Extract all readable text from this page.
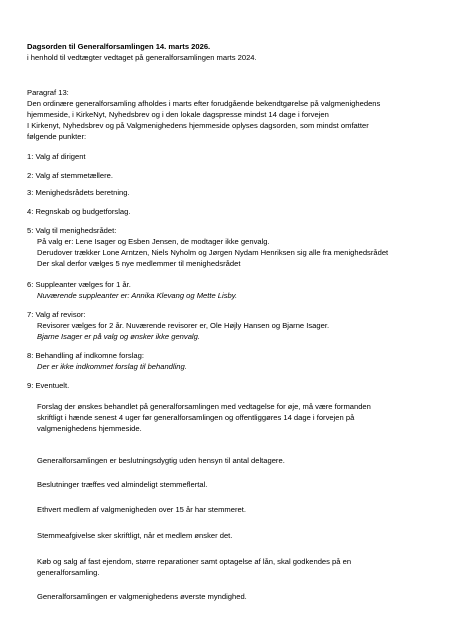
Dagsorden til Generalforsamlingen 14. marts 2026.
i henhold til vedtægter vedtaget på generalforsamlingen marts 2024.
Paragraf 13:
Den ordinære generalforsamling afholdes i marts efter forudgående bekendtgørelse på valgmenighedens
hjemmeside, i KirkeNyt, Nyhedsbrev og i den lokale dagspresse mindst 14 dage i forvejen
I Kirkenyt, Nyhedsbrev og på Valgmenighedens hjemmeside oplyses dagsorden, som mindst omfatter
følgende punkter:
1: Valg af dirigent
2: Valg af stemmetællere.
3: Menighedsrådets beretning.
4: Regnskab og budgetforslag.
5: Valg til menighedsrådet:
På valg er: Lene Isager og Esben Jensen, de modtager ikke genvalg.
Derudover trækker Lone Arntzen, Niels Nyholm og Jørgen Nydam Henriksen sig alle fra menighedsrådet
Der skal derfor vælges 5 nye medlemmer til menighedsrådet
6: Suppleanter vælges for 1 år.
Nuværende suppleanter er: Annika Klevang og Mette Lisby.
7: Valg af revisor:
Revisorer vælges for 2 år. Nuværende revisorer er, Ole Højly Hansen og Bjarne Isager.
Bjarne Isager er på valg og ønsker ikke genvalg.
8: Behandling af indkomne forslag:
Der er ikke indkommet forslag til behandling.
9: Eventuelt.
Forslag der ønskes behandlet på generalforsamlingen med vedtagelse for øje, må være formanden
skriftligt i hænde senest 4 uger før generalforsamlingen og offentliggøres 14 dage i forvejen på
valgmenighedens hjemmeside.
Generalforsamlingen er beslutningsdygtig uden hensyn til antal deltagere.
Beslutninger træffes ved almindeligt stemmeflertal.
Ethvert medlem af valgmenigheden over 15 år har stemmeret.
Stemmeafgivelse sker skriftligt, når et medlem ønsker det.
Køb og salg af fast ejendom, større reparationer samt optagelse af lån, skal godkendes på en
generalforsamling.
Generalforsamlingen er valgmenighedens øverste myndighed.
